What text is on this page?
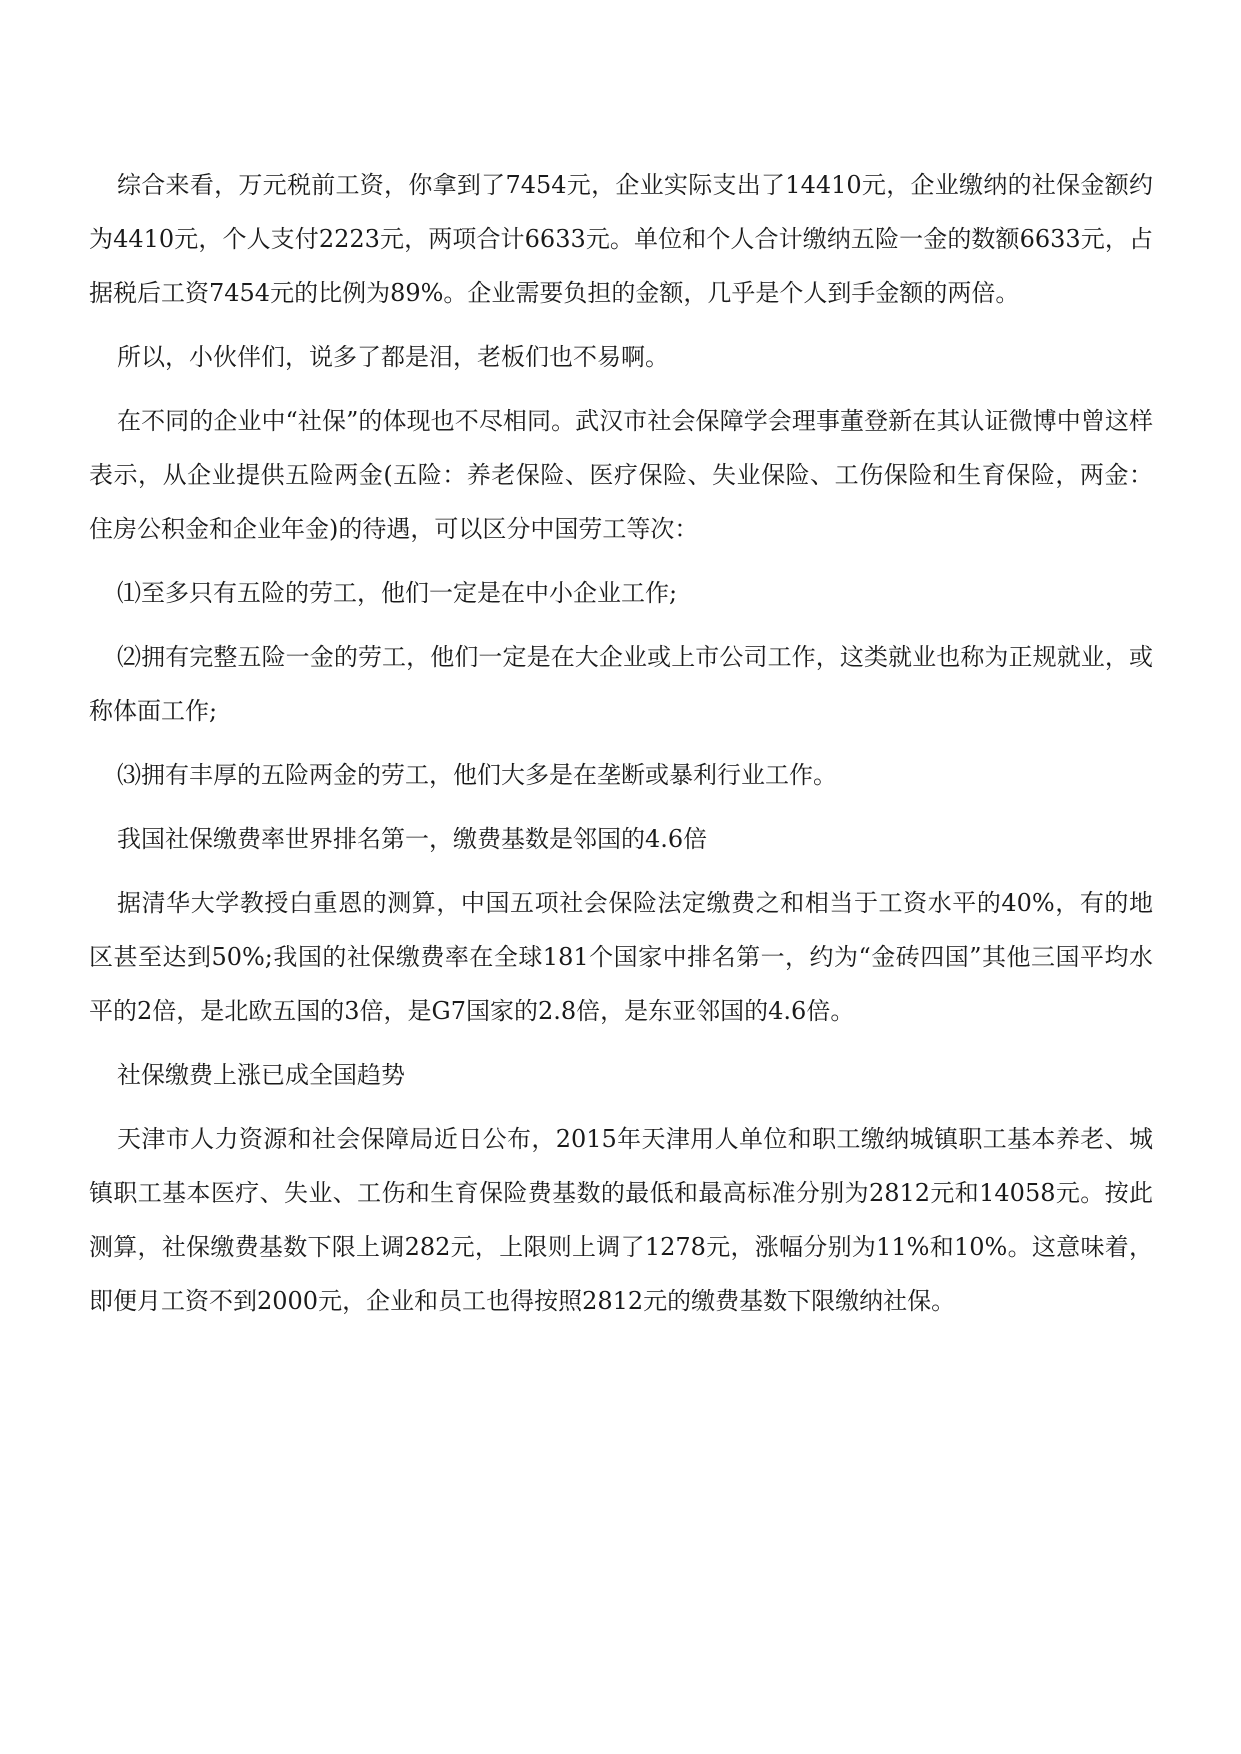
综合来看，万元税前工资，你拿到了7454元，企业实际支出了14410元，企业缴纳的社保金额约为4410元，个人支付2223元，两项合计6633元。单位和个人合计缴纳五险一金的数额6633元，占据税后工资7454元的比例为89%。企业需要负担的金额，几乎是个人到手金额的两倍。

所以，小伙伴们，说多了都是泪，老板们也不易啊。

在不同的企业中“社保”的体现也不尽相同。武汉市社会保障学会理事董登新在其认证微博中曾这样表示，从企业提供五险两金(五险：养老保险、医疗保险、失业保险、工伤保险和生育保险，两金：住房公积金和企业年金)的待遇，可以区分中国劳工等次：

⑴至多只有五险的劳工，他们一定是在中小企业工作;

⑵拥有完整五险一金的劳工，他们一定是在大企业或上市公司工作，这类就业也称为正规就业，或称体面工作;

⑶拥有丰厚的五险两金的劳工，他们大多是在垄断或暴利行业工作。

我国社保缴费率世界排名第一，缴费基数是邻国的4.6倍

据清华大学教授白重恩的测算，中国五项社会保险法定缴费之和相当于工资水平的40%，有的地区甚至达到50%;我国的社保缴费率在全球181个国家中排名第一，约为“金砖四国”其他三国平均水平的2倍，是北欧五国的3倍，是G7国家的2.8倍，是东亚邻国的4.6倍。

社保缴费上涨已成全国趋势

天津市人力资源和社会保障局近日公布，2015年天津用人单位和职工缴纳城镇职工基本养老、城镇职工基本医疗、失业、工伤和生育保险费基数的最低和最高标准分别为2812元和14058元。按此测算，社保缴费基数下限上调282元，上限则上调了1278元，涨幅分别为11%和10%。这意味着，即便月工资不到2000元，企业和员工也得按照2812元的缴费基数下限缴纳社保。
